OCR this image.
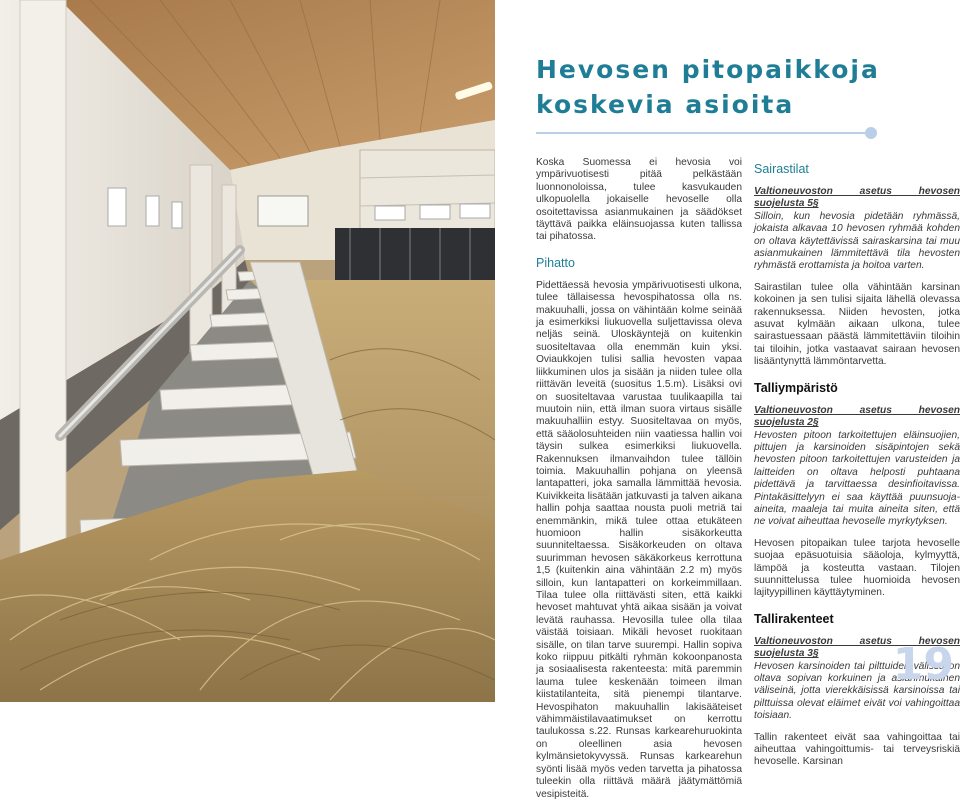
Hevosen pitopaikkoja
koskevia asioita

Koska Suomessa ei hevosia voi ympärivuotisesti pitää pelkästään luonnonoloissa, tulee kasvukauden ulkopuolella jokaiselle hevoselle olla osoitettavissa asianmukainen ja säädökset täyttävä paikka eläinsuojassa kuten tallissa tai pihatossa.

Pihatto

Pidettäessä hevosia ympärivuotisesti ulkona, tulee tällaisessa hevospihatossa olla ns. makuuhalli, jossa on vähintään kolme seinää ja esimerkiksi liukuovella suljettavissa oleva neljäs seinä. Uloskäyntejä on kuitenkin suositeltavaa olla enemmän kuin yksi. Oviaukkojen tulisi sallia hevosten vapaa liikkuminen ulos ja sisään ja niiden tulee olla riittävän leveitä (suositus 1.5.m). Lisäksi ovi on suositeltavaa varustaa tuulikaapilla tai muutoin niin, että ilman suora virtaus sisälle makuuhalliin estyy. Suositeltavaa on myös, että sääolosuhteiden niin vaatiessa hallin voi täysin sulkea esimerkiksi liukuovella. Rakennuksen ilmanvaihdon tulee tällöin toimia. Makuuhallin pohjana on yleensä lantapatteri, joka samalla lämmittää hevosia. Kuivikkeita lisätään jatkuvasti ja talven aikana hallin pohja saattaa nousta puoli metriä tai enemmänkin, mikä tulee ottaa etukäteen huomioon hallin sisäkorkeutta suunniteltaessa. Sisäkorkeuden on oltava suurimman hevosen säkäkorkeus kerrottuna 1,5 (kuitenkin aina vähintään 2.2 m) myös silloin, kun lantapatteri on korkeimmillaan. Tilaa tulee olla riittävästi siten, että kaikki hevoset mahtuvat yhtä aikaa sisään ja voivat levätä rauhassa. Hevosilla tulee olla tilaa väistää toisiaan. Mikäli hevoset ruokitaan sisälle, on tilan tarve suurempi. Hallin sopiva koko riippuu pitkälti ryhmän kokoonpanosta ja sosiaalisesta rakenteesta: mitä paremmin lauma tulee keskenään toimeen ilman kiistatilanteita, sitä pienempi tilantarve. Hevospihaton makuuhallin lakisääteiset vähimmäistilavaatimukset on kerrottu taulukossa s.22. Runsas karkearehuruokinta on oleellinen asia hevosen kylmänsietokyvyssä. Runsas karkearehun syönti lisää myös veden tarvetta ja pihatossa tuleekin olla riittävä määrä jäätymättömiä vesipisteitä.

Sairastilat

Valtioneuvoston asetus hevosen suojelusta 5§

Silloin, kun hevosia pidetään ryhmässä, jokaista alkavaa 10 hevosen ryhmää kohden on oltava käytettävissä sairaskarsina tai muu asianmukainen lämmitettävä tila hevosten ryhmästä erottamista ja hoitoa varten.

Sairastilan tulee olla vähintään karsinan kokoinen ja sen tulisi sijaita lähellä olevassa rakennuksessa. Niiden hevosten, jotka asuvat kylmään aikaan ulkona, tulee sairastuessaan päästä lämmitettäviin tiloihin tai tiloihin, jotka vastaavat sairaan hevosen lisääntynyttä lämmöntarvetta.

Talliympäristö

Valtioneuvoston asetus hevosen suojelusta 2§

Hevosten pitoon tarkoitettujen eläinsuojien, pittujen ja karsinoiden sisäpintojen sekä hevosten pitoon tarkoitettujen varusteiden ja laitteiden on oltava helposti puhtaana pidettävä ja tarvittaessa desinfioitavissa. Pintakäsittelyyn ei saa käyttää puunsuoja-aineita, maaleja tai muita aineita siten, että ne voivat aiheuttaa hevoselle myrkytyksen.

Hevosen pitopaikan tulee tarjota hevoselle suojaa epäsuotuisia sääoloja, kylmyyttä, lämpöä ja kosteutta vastaan. Tilojen suunnittelussa tulee huomioida hevosen lajityypillinen käyttäytyminen.

Tallirakenteet

Valtioneuvoston asetus hevosen suojelusta 3§

Hevosen karsinoiden tai pilttuiden välissä on oltava sopivan korkuinen ja asianmukainen väliseinä, jotta vierekkäisissä karsinoissa tai pilttuissa olevat eläimet eivät voi vahingoittaa toisiaan.

Tallin rakenteet eivät saa vahingoittaa tai aiheuttaa vahingoittumis- tai terveysriskiä hevoselle. Karsinan

19
